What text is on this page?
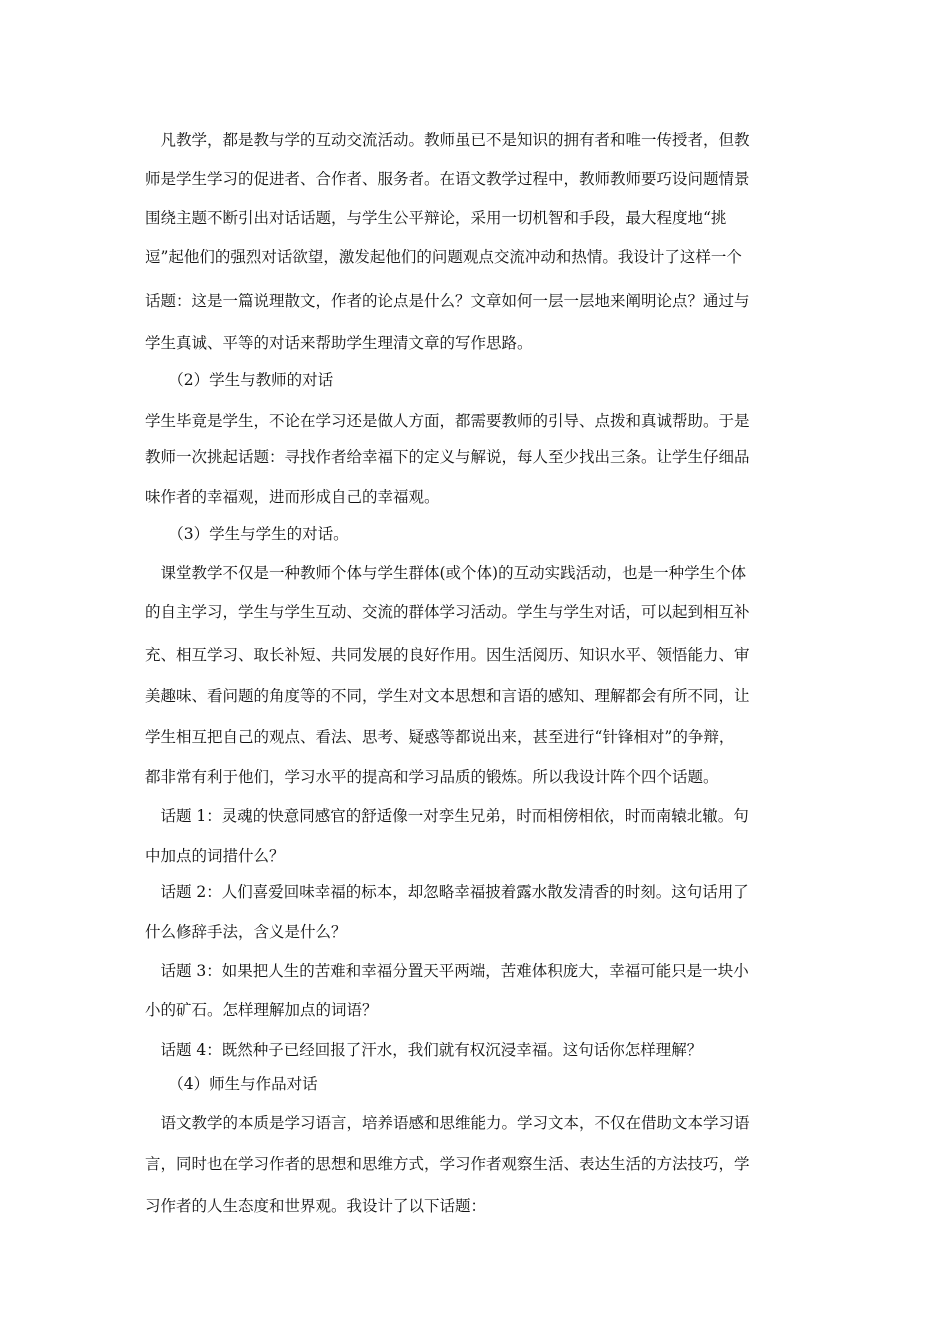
　凡教学，都是教与学的互动交流活动。教师虽已不是知识的拥有者和唯一传授者，但教
师是学生学习的促进者、合作者、服务者。在语文教学过程中，教师教师要巧设问题情景
围绕主题不断引出对话话题，与学生公平辩论，采用一切机智和手段，最大程度地“挑
逗”起他们的强烈对话欲望，激发起他们的问题观点交流冲动和热情。我设计了这样一个
话题：这是一篇说理散文，作者的论点是什么？文章如何一层一层地来阐明论点？通过与
学生真诚、平等的对话来帮助学生理清文章的写作思路。
　　（2）学生与教师的对话
学生毕竟是学生，不论在学习还是做人方面，都需要教师的引导、点拨和真诚帮助。于是
教师一次挑起话题：寻找作者给幸福下的定义与解说，每人至少找出三条。让学生仔细品
味作者的幸福观，进而形成自己的幸福观。
　　（3）学生与学生的对话。
　课堂教学不仅是一种教师个体与学生群体(或个体)的互动实践活动，也是一种学生个体
的自主学习，学生与学生互动、交流的群体学习活动。学生与学生对话，可以起到相互补
充、相互学习、取长补短、共同发展的良好作用。因生活阅历、知识水平、领悟能力、审
美趣味、看问题的角度等的不同，学生对文本思想和言语的感知、理解都会有所不同，让
学生相互把自己的观点、看法、思考、疑惑等都说出来，甚至进行“针锋相对”的争辩，
都非常有利于他们，学习水平的提高和学习品质的锻炼。所以我设计阵个四个话题。
　话题 1：灵魂的快意同感官的舒适像一对孪生兄弟，时而相傍相依，时而南辕北辙。句
中加点的词措什么？
　话题 2：人们喜爱回味幸福的标本，却忽略幸福披着露水散发清香的时刻。这句话用了
什么修辞手法，含义是什么？
　话题 3：如果把人生的苦难和幸福分置天平两端，苦难体积庞大，幸福可能只是一块小
小的矿石。怎样理解加点的词语？
　话题 4：既然种子已经回报了汗水，我们就有权沉浸幸福。这句话你怎样理解？
　　（4）师生与作品对话
　语文教学的本质是学习语言，培养语感和思维能力。学习文本，不仅在借助文本学习语
言，同时也在学习作者的思想和思维方式，学习作者观察生活、表达生活的方法技巧，学
习作者的人生态度和世界观。我设计了以下话题：
